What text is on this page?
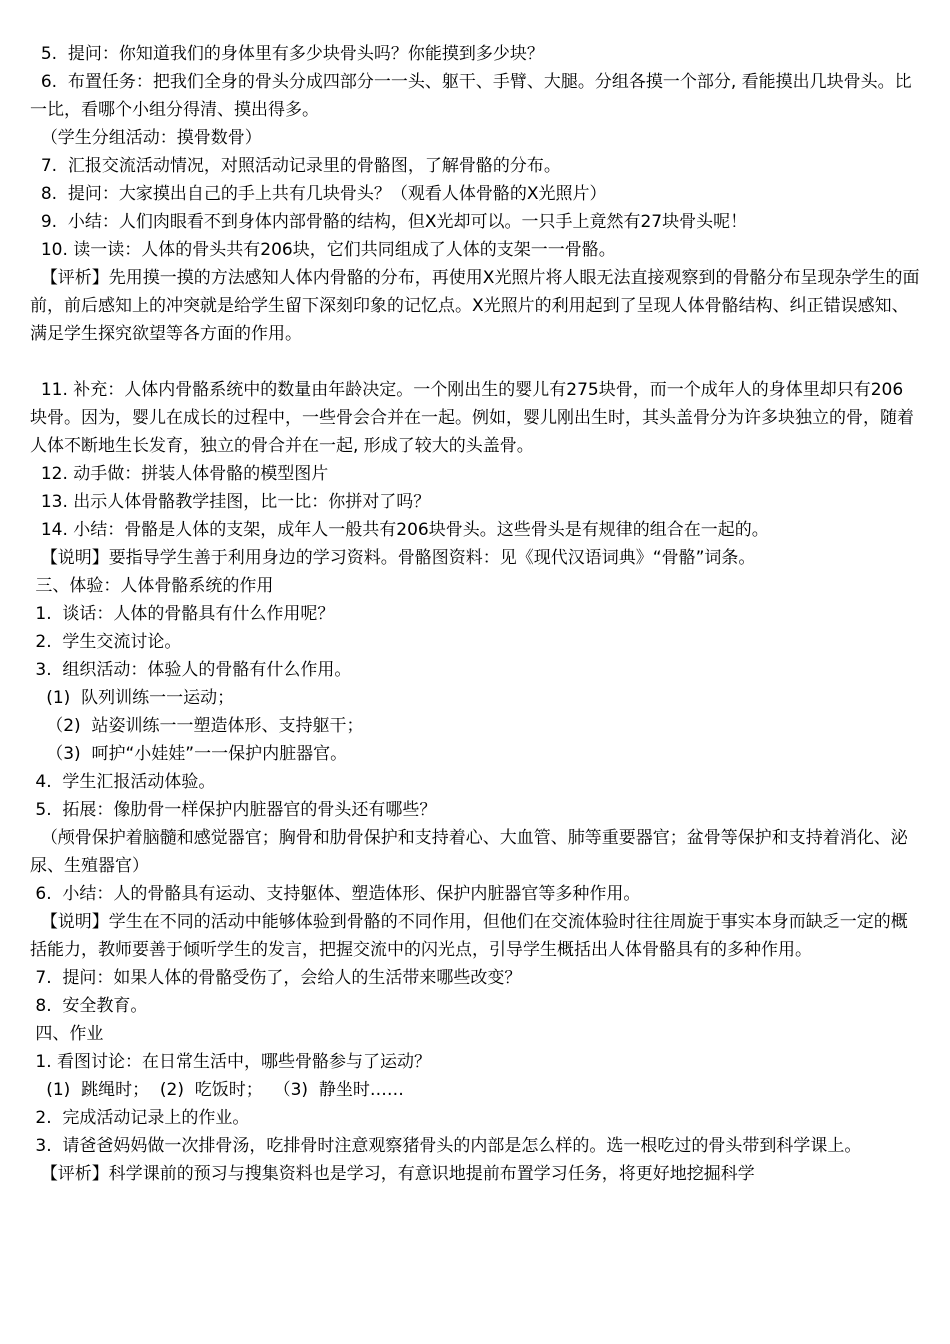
5.  提问：你知道我们的身体里有多少块骨头吗？你能摸到多少块？

6.  布置任务：把我们全身的骨头分成四部分一一头、躯干、手臂、大腿。分组各摸一个部分, 看能摸出几块骨头。比一比，看哪个小组分得清、摸出得多。

（学生分组活动：摸骨数骨）

7.  汇报交流活动情况，对照活动记录里的骨骼图，了解骨骼的分布。

8.  提问：大家摸出自己的手上共有几块骨头？（观看人体骨骼的X光照片）

9.  小结：人们肉眼看不到身体内部骨骼的结构，但X光却可以。一只手上竟然有27块骨头呢！

10. 读一读：人体的骨头共有206块，它们共同组成了人体的支架一一骨骼。

【评析】先用摸一摸的方法感知人体内骨骼的分布，再使用X光照片将人眼无法直接观察到的骨骼分布呈现杂学生的面前，前后感知上的冲突就是给学生留下深刻印象的记忆点。X光照片的利用起到了呈现人体骨骼结构、纠正错误感知、满足学生探究欲望等各方面的作用。

11. 补充：人体内骨骼系统中的数量由年龄决定。一个刚出生的婴儿有275块骨，而一个成年人的身体里却只有206块骨。因为，婴儿在成长的过程中，一些骨会合并在一起。例如，婴儿刚出生时，其头盖骨分为许多块独立的骨，随着人体不断地生长发育，独立的骨合并在一起, 形成了较大的头盖骨。

12. 动手做：拼装人体骨骼的模型图片

13. 出示人体骨骼教学挂图，比一比：你拼对了吗？

14. 小结：骨骼是人体的支架，成年人一般共有206块骨头。这些骨头是有规律的组合在一起的。

【说明】要指导学生善于利用身边的学习资料。骨骼图资料：见《现代汉语词典》“骨骼”词条。

三、体验：人体骨骼系统的作用

1.  谈话：人体的骨骼具有什么作用呢？

2.  学生交流讨论。

3.  组织活动：体验人的骨骼有什么作用。

(1)  队列训练一一运动；

（2)  站姿训练一一塑造体形、支持躯干；

（3)  呵护“小娃娃”一一保护内脏器官。

4.  学生汇报活动体验。

5.  拓展：像肋骨一样保护内脏器官的骨头还有哪些？

（颅骨保护着脑髓和感觉器官；胸骨和肋骨保护和支持着心、大血管、肺等重要器官；盆骨等保护和支持着消化、泌尿、生殖器官）

6.  小结：人的骨骼具有运动、支持躯体、塑造体形、保护内脏器官等多种作用。

【说明】学生在不同的活动中能够体验到骨骼的不同作用，但他们在交流体验时往往周旋于事实本身而缺乏一定的概括能力，教师要善于倾听学生的发言，把握交流中的闪光点，引导学生概括出人体骨骼具有的多种作用。

7.  提问：如果人体的骨骼受伤了，会给人的生活带来哪些改变？

8.  安全教育。

四、作业

1. 看图讨论：在日常生活中，哪些骨骼参与了运动？

(1)  跳绳时；  (2)  吃饭时；  （3)  静坐时……

2.  完成活动记录上的作业。

3.  请爸爸妈妈做一次排骨汤，吃排骨时注意观察猪骨头的内部是怎么样的。选一根吃过的骨头带到科学课上。

【评析】科学课前的预习与搜集资料也是学习，有意识地提前布置学习任务，将更好地挖掘科学
